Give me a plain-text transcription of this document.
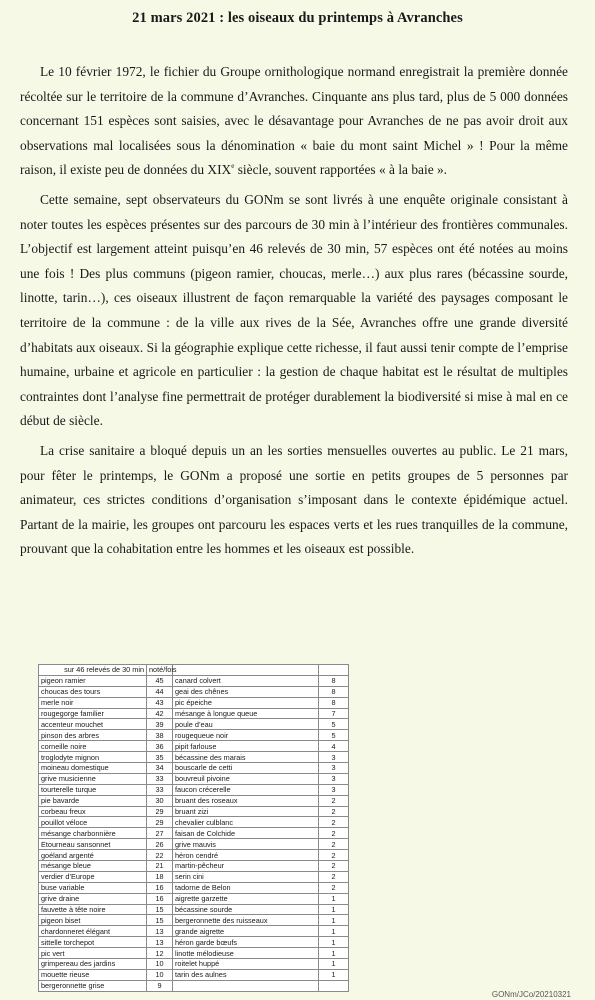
21 mars 2021 : les oiseaux du printemps à Avranches

Le 10 février 1972, le fichier du Groupe ornithologique normand enregistrait la première donnée récoltée sur le territoire de la commune d’Avranches. Cinquante ans plus tard, plus de 5 000 données concernant 151 espèces sont saisies, avec le désavantage pour Avranches de ne pas avoir droit aux observations mal localisées sous la dénomination « baie du mont saint Michel » ! Pour la même raison, il existe peu de données du XIXe siècle, souvent rapportées « à la baie ».

Cette semaine, sept observateurs du GONm se sont livrés à une enquête originale consistant à noter toutes les espèces présentes sur des parcours de 30 min à l’intérieur des frontières communales. L’objectif est largement atteint puisqu’en 46 relevés de 30 min, 57 espèces ont été notées au moins une fois ! Des plus communs (pigeon ramier, choucas, merle…) aux plus rares (bécassine sourde, linotte, tarin…), ces oiseaux illustrent de façon remarquable la variété des paysages composant le territoire de la commune : de la ville aux rives de la Sée, Avranches offre une grande diversité d’habitats aux oiseaux. Si la géographie explique cette richesse, il faut aussi tenir compte de l’emprise humaine, urbaine et agricole en particulier : la gestion de chaque habitat est le résultat de multiples contraintes dont l’analyse fine permettrait de protéger durablement la biodiversité si mise à mal en ce début de siècle.

La crise sanitaire a bloqué depuis un an les sorties mensuelles ouvertes au public. Le 21 mars, pour fêter le printemps, le GONm a proposé une sortie en petits groupes de 5 personnes par animateur, ces strictes conditions d’organisation s’imposant dans le contexte épidémique actuel. Partant de la mairie, les groupes ont parcouru les espaces verts et les rues tranquilles de la commune, prouvant que la cohabitation entre les hommes et les oiseaux est possible.

sur 46 relevés de 30 min	noté/fois		
pigeon ramier	45	canard colvert	8
choucas des tours	44	geai des chênes	8
merle noir	43	pic épeiche	8
rougegorge familier	42	mésange à longue queue	7
accenteur mouchet	39	poule d’eau	5
pinson des arbres	38	rougequeue noir	5
corneille noire	36	pipit farlouse	4
troglodyte mignon	35	bécassine des marais	3
moineau domestique	34	bouscarle de cetti	3
grive musicienne	33	bouvreuil pivoine	3
tourterelle turque	33	faucon crécerelle	3
pie bavarde	30	bruant des roseaux	2
corbeau freux	29	bruant zizi	2
pouillot véloce	29	chevalier culblanc	2
mésange charbonnière	27	faisan de Colchide	2
Etourneau sansonnet	26	grive mauvis	2
goéland argenté	22	héron cendré	2
mésange bleue	21	martin-pêcheur	2
verdier d’Europe	18	serin cini	2
buse variable	16	tadorne de Belon	2
grive draine	16	aigrette garzette	1
fauvette à tête noire	15	bécassine sourde	1
pigeon biset	15	bergeronnette des ruisseaux	1
chardonneret élégant	13	grande aigrette	1
sittelle torchepot	13	héron garde bœufs	1
pic vert	12	linotte mélodieuse	1
grimpereau des jardins	10	roitelet huppé	1
mouette rieuse	10	tarin des aulnes	1
bergeronnette grise	9		
GONm/JCo/20210321
